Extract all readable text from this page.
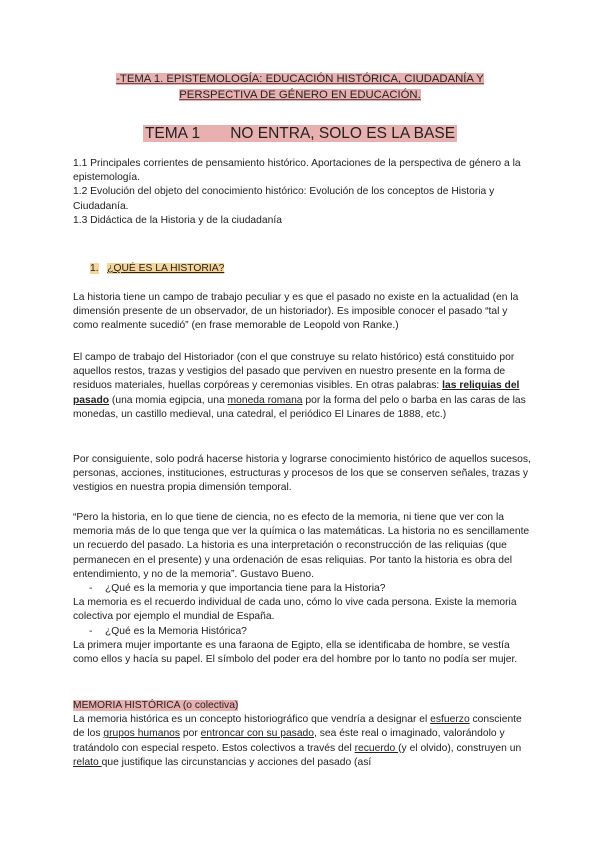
-TEMA 1. EPISTEMOLOGÍA: EDUCACIÓN HISTÓRICA, CIUDADANÍA Y
PERSPECTIVA DE GÉNERO EN EDUCACIÓN.
TEMA 1       NO ENTRA, SOLO ES LA BASE

1.1 Principales corrientes de pensamiento histórico. Aportaciones de la perspectiva de género a la epistemología.

1.2 Evolución del objeto del conocimiento histórico: Evolución de los conceptos de Historia y Ciudadanía.

1.3 Didáctica de la Historia y de la ciudadanía

1. ¿QUÉ ES LA HISTORIA?

La historia tiene un campo de trabajo peculiar y es que el pasado no existe en la actualidad (en la dimensión presente de un observador, de un historiador). Es imposible conocer el pasado “tal y como realmente sucedió” (en frase memorable de Leopold von Ranke.)

El campo de trabajo del Historiador (con el que construye su relato histórico) está constituido por aquellos restos, trazas y vestigios del pasado que perviven en nuestro presente en la forma de residuos materiales, huellas corpóreas y ceremonias visibles. En otras palabras: las reliquias del pasado (una momia egipcia, una moneda romana por la forma del pelo o barba en las caras de las monedas, un castillo medieval, una catedral, el periódico El Linares de 1888, etc.)

Por consiguiente, solo podrá hacerse historia y lograrse conocimiento histórico de aquellos sucesos, personas, acciones, instituciones, estructuras y procesos de los que se conserven señales, trazas y vestigios en nuestra propia dimensión temporal.

“Pero la historia, en lo que tiene de ciencia, no es efecto de la memoria, ni tiene que ver con la memoria más de lo que tenga que ver la química o las matemáticas. La historia no es sencillamente un recuerdo del pasado. La historia es una interpretación o reconstrucción de las reliquias (que permanecen en el presente) y una ordenación de esas reliquias. Por tanto la historia es obra del entendimiento, y no de la memoria”. Gustavo Bueno.

- ¿Qué es la memoria y que importancia tiene para la Historia?

La memoria es el recuerdo individual de cada uno, cómo lo vive cada persona. Existe la memoria colectiva por ejemplo el mundial de España.

- ¿Qué es la Memoria Histórica?

La primera mujer importante es una faraona de Egipto, ella se identificaba de hombre, se vestía como ellos y hacía su papel. El símbolo del poder era del hombre por lo tanto no podía ser mujer.

MEMORIA HISTÓRICA (o colectiva)

La memoria histórica es un concepto historiográfico que vendría a designar el esfuerzo consciente de los grupos humanos por entroncar con su pasado, sea éste real o imaginado, valorándolo y tratándolo con especial respeto. Estos colectivos a través del recuerdo (y el olvido), construyen un relato que justifique las circunstancias y acciones del pasado (así
